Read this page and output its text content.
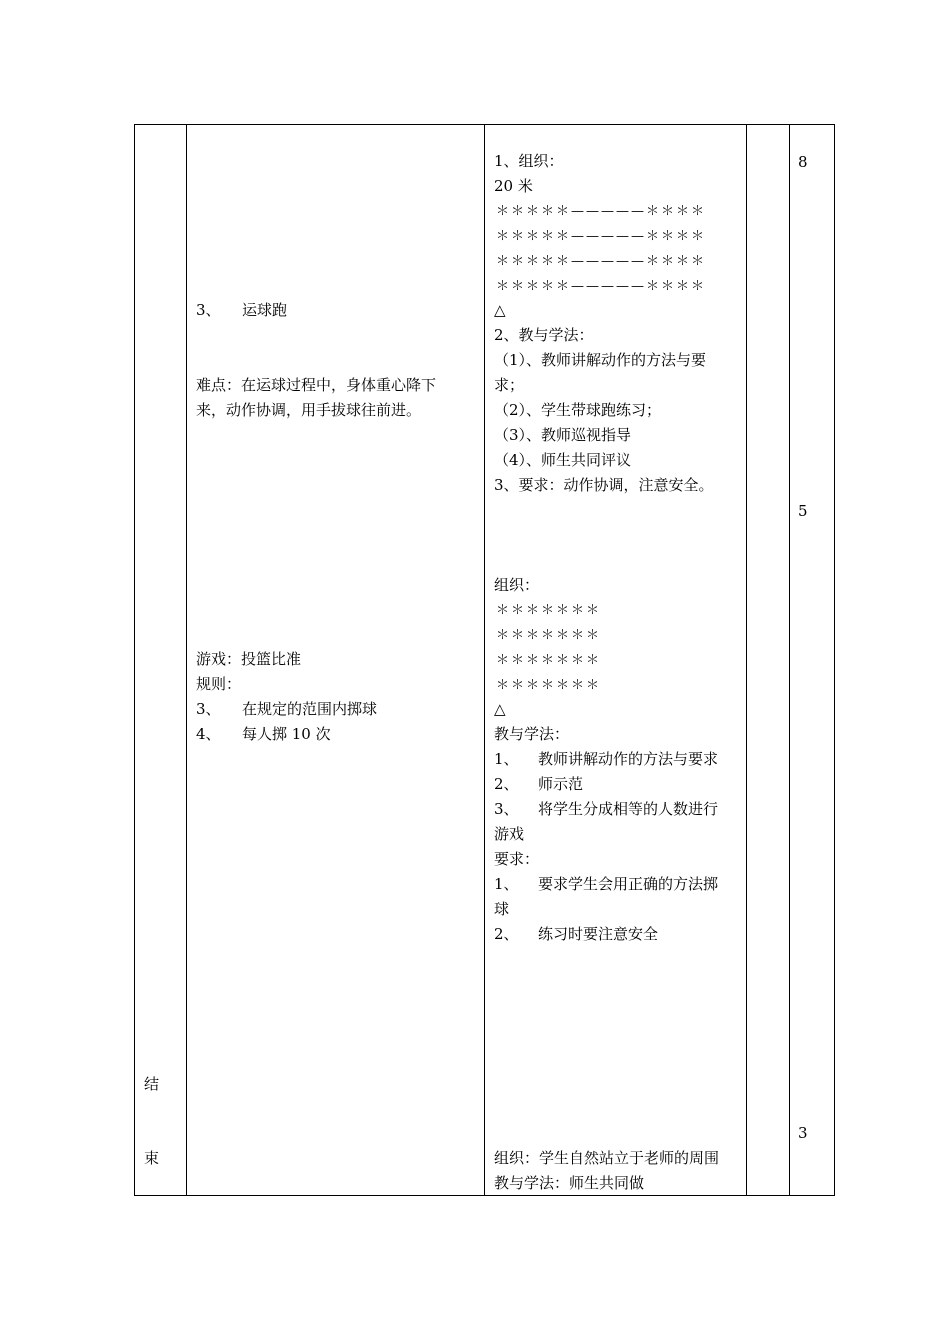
结
束
3、 运球跑
难点：在运球过程中，身体重心降下
来，动作协调，用手拔球往前进。
游戏：投篮比准
规则：
3、 在规定的范围内掷球
4、 每人掷 10 次
1、组织：
20 米
＊＊＊＊＊—————＊＊＊＊
＊＊＊＊＊—————＊＊＊＊
＊＊＊＊＊—————＊＊＊＊
＊＊＊＊＊—————＊＊＊＊
△
2、教与学法：
（1）、教师讲解动作的方法与要
求；
（2）、学生带球跑练习；
（3）、教师巡视指导
（4）、师生共同评议
3、要求：动作协调，注意安全。
组织：
＊＊＊＊＊＊＊
＊＊＊＊＊＊＊
＊＊＊＊＊＊＊
＊＊＊＊＊＊＊
△
教与学法：
1、 教师讲解动作的方法与要求
2、 师示范
3、 将学生分成相等的人数进行
游戏
要求：
1、 要求学生会用正确的方法掷
球
2、 练习时要注意安全
组织：学生自然站立于老师的周围
教与学法：师生共同做
8
5
3
